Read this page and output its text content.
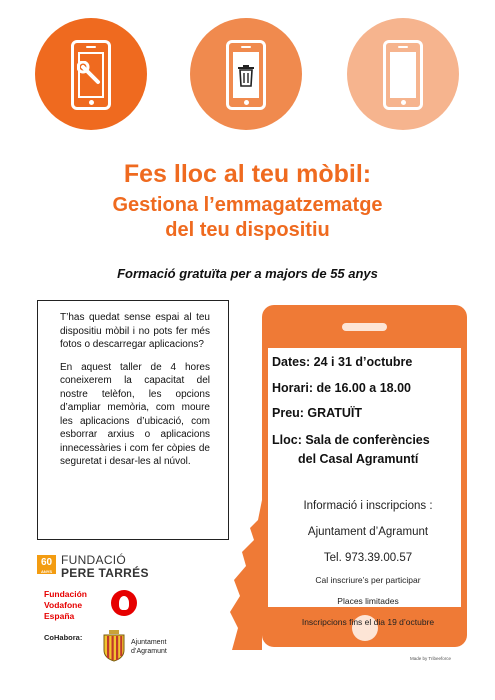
Fes lloc al teu mòbil:
Gestiona l’emmagatzematge
del teu dispositiu
Formació gratuïta per a majors de 55 anys

T’has quedat sense espai al teu dispositiu mòbil i no pots fer més fotos o descarregar aplicacions?

En aquest taller de 4 hores coneixerem la capacitat del nostre telèfon, les opcions d’ampliar memòria, com moure les aplicacions d’ubicació, com esborrar arxius o aplicacions innecessàries i com fer còpies de seguretat i desar-les al núvol.

Dates: 24 i 31 d’octubre
Horari: de 16.00 a 18.00
Preu: GRATUÏT
Lloc: Sala de conferències
del Casal Agramuntí
Informació i inscripcions :
Ajuntament d’Agramunt
Tel. 973.39.00.57
Cal inscriure’s per participar
Places limitades
Inscripcions fins el dia 19 d’octubre
Made by Tribeeforce
60
ANYS
FUNDACIÓ
PERE TARRÉS
Fundación
Vodafone
España
CoHabora:
Ajuntament
d’Agramunt
